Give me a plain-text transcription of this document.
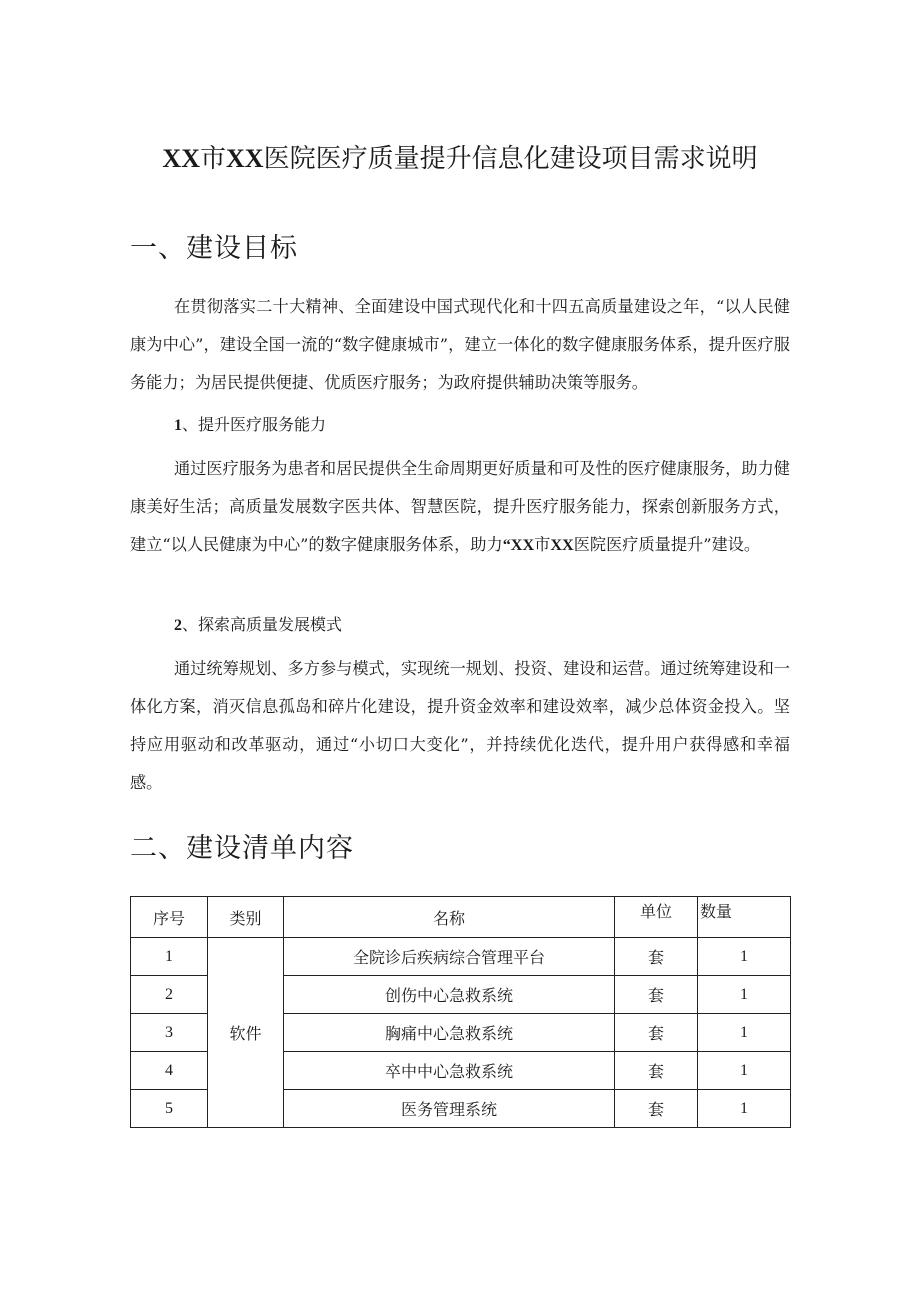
XX市XX医院医疗质量提升信息化建设项目需求说明
一、建设目标
在贯彻落实二十大精神、全面建设中国式现代化和十四五高质量建设之年，“以人民健康为中心”，建设全国一流的“数字健康城市”，建立一体化的数字健康服务体系，提升医疗服务能力；为居民提供便捷、优质医疗服务；为政府提供辅助决策等服务。
1、提升医疗服务能力
通过医疗服务为患者和居民提供全生命周期更好质量和可及性的医疗健康服务，助力健康美好生活；高质量发展数字医共体、智慧医院，提升医疗服务能力，探索创新服务方式，建立“以人民健康为中心”的数字健康服务体系，助力“XX市XX医院医疗质量提升”建设。
2、探索高质量发展模式
通过统筹规划、多方参与模式，实现统一规划、投资、建设和运营。通过统筹建设和一体化方案，消灭信息孤岛和碎片化建设，提升资金效率和建设效率，减少总体资金投入。坚持应用驱动和改革驱动，通过“小切口大变化”，并持续优化迭代，提升用户获得感和幸福感。
二、建设清单内容
序号	类别	名称	单位	数量
1	软件	全院诊后疾病综合管理平台	套	1
2		创伤中心急救系统	套	1
3		胸痛中心急救系统	套	1
4		卒中中心急救系统	套	1
5		医务管理系统	套	1
